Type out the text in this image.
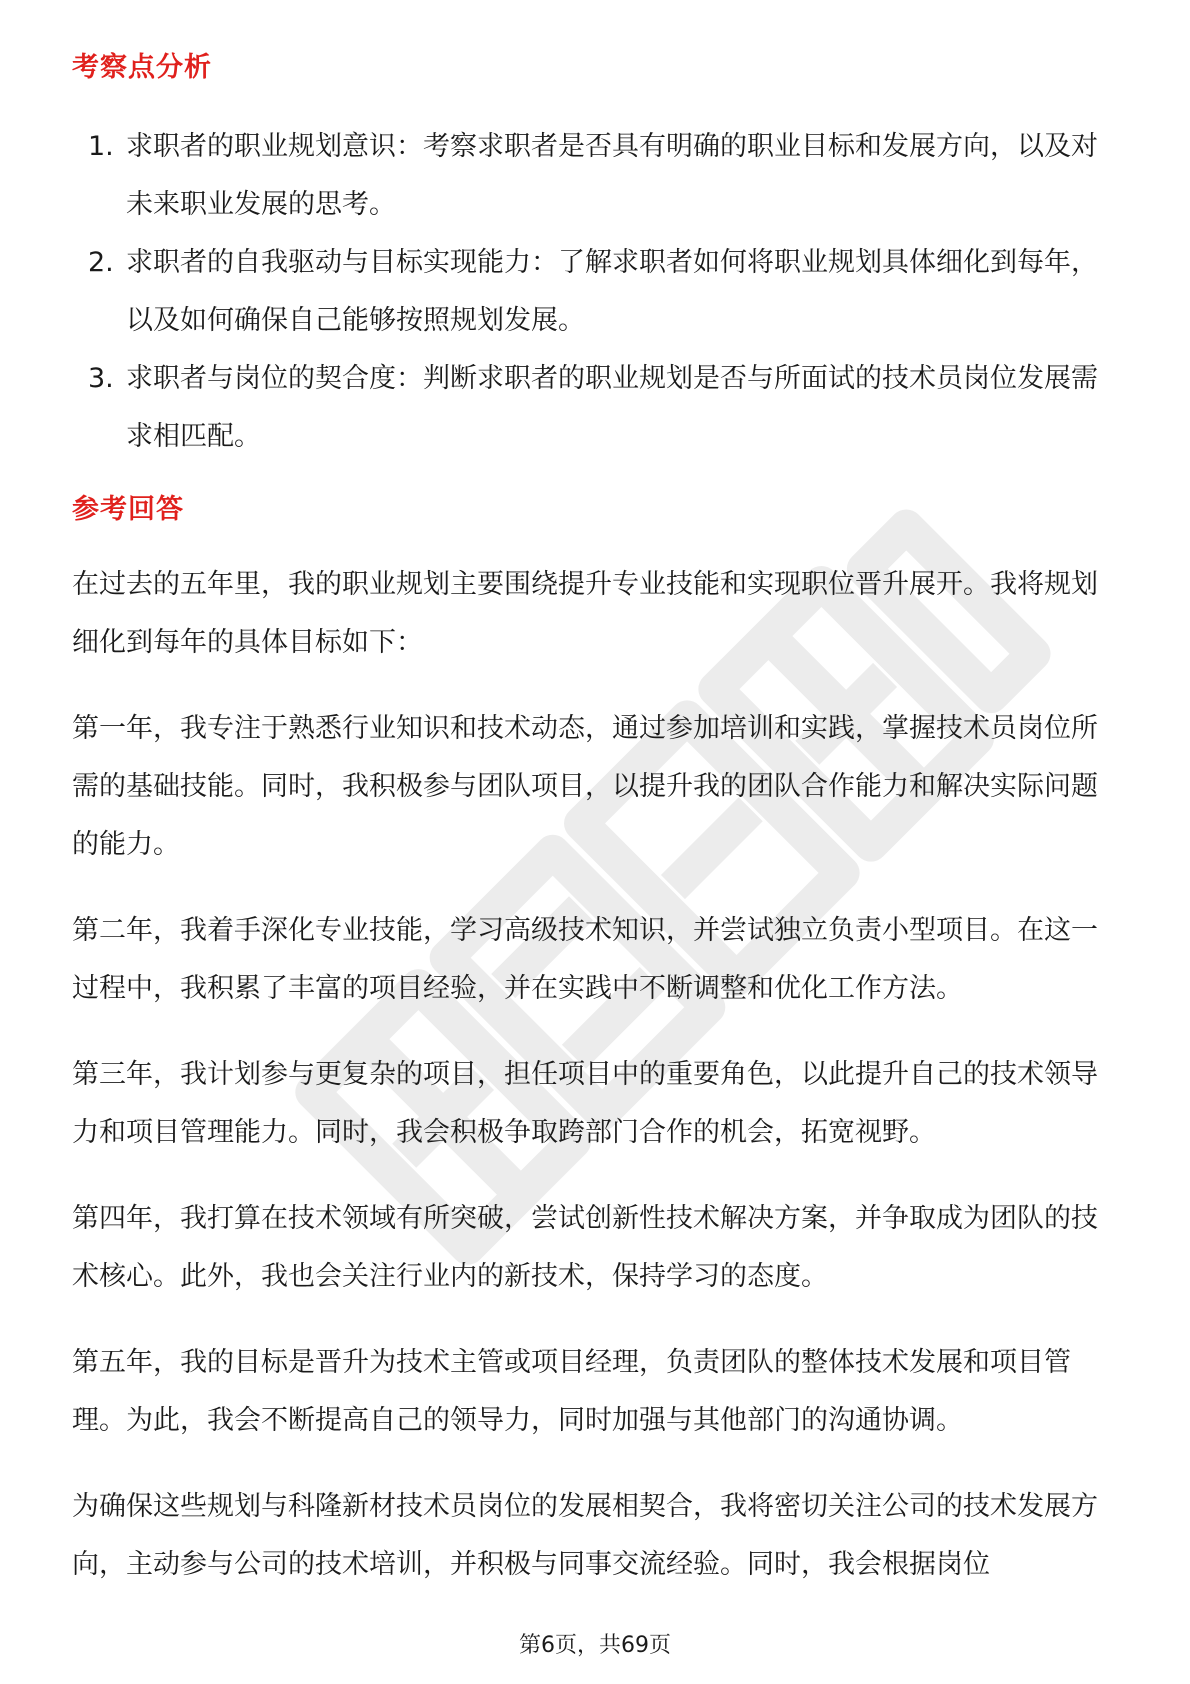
考察点分析
1. 求职者的职业规划意识：考察求职者是否具有明确的职业目标和发展方向，以及对未来职业发展的思考。
2. 求职者的自我驱动与目标实现能力：了解求职者如何将职业规划具体细化到每年，以及如何确保自己能够按照规划发展。
3. 求职者与岗位的契合度：判断求职者的职业规划是否与所面试的技术员岗位发展需求相匹配。
参考回答

在过去的五年里，我的职业规划主要围绕提升专业技能和实现职位晋升展开。我将规划细化到每年的具体目标如下：

第一年，我专注于熟悉行业知识和技术动态，通过参加培训和实践，掌握技术员岗位所需的基础技能。同时，我积极参与团队项目，以提升我的团队合作能力和解决实际问题的能力。

第二年，我着手深化专业技能，学习高级技术知识，并尝试独立负责小型项目。在这一过程中，我积累了丰富的项目经验，并在实践中不断调整和优化工作方法。

第三年，我计划参与更复杂的项目，担任项目中的重要角色，以此提升自己的技术领导力和项目管理能力。同时，我会积极争取跨部门合作的机会，拓宽视野。

第四年，我打算在技术领域有所突破，尝试创新性技术解决方案，并争取成为团队的技术核心。此外，我也会关注行业内的新技术，保持学习的态度。

第五年，我的目标是晋升为技术主管或项目经理，负责团队的整体技术发展和项目管理。为此，我会不断提高自己的领导力，同时加强与其他部门的沟通协调。

为确保这些规划与科隆新材技术员岗位的发展相契合，我将密切关注公司的技术发展方向，主动参与公司的技术培训，并积极与同事交流经验。同时，我会根据岗位

第6页，共69页
